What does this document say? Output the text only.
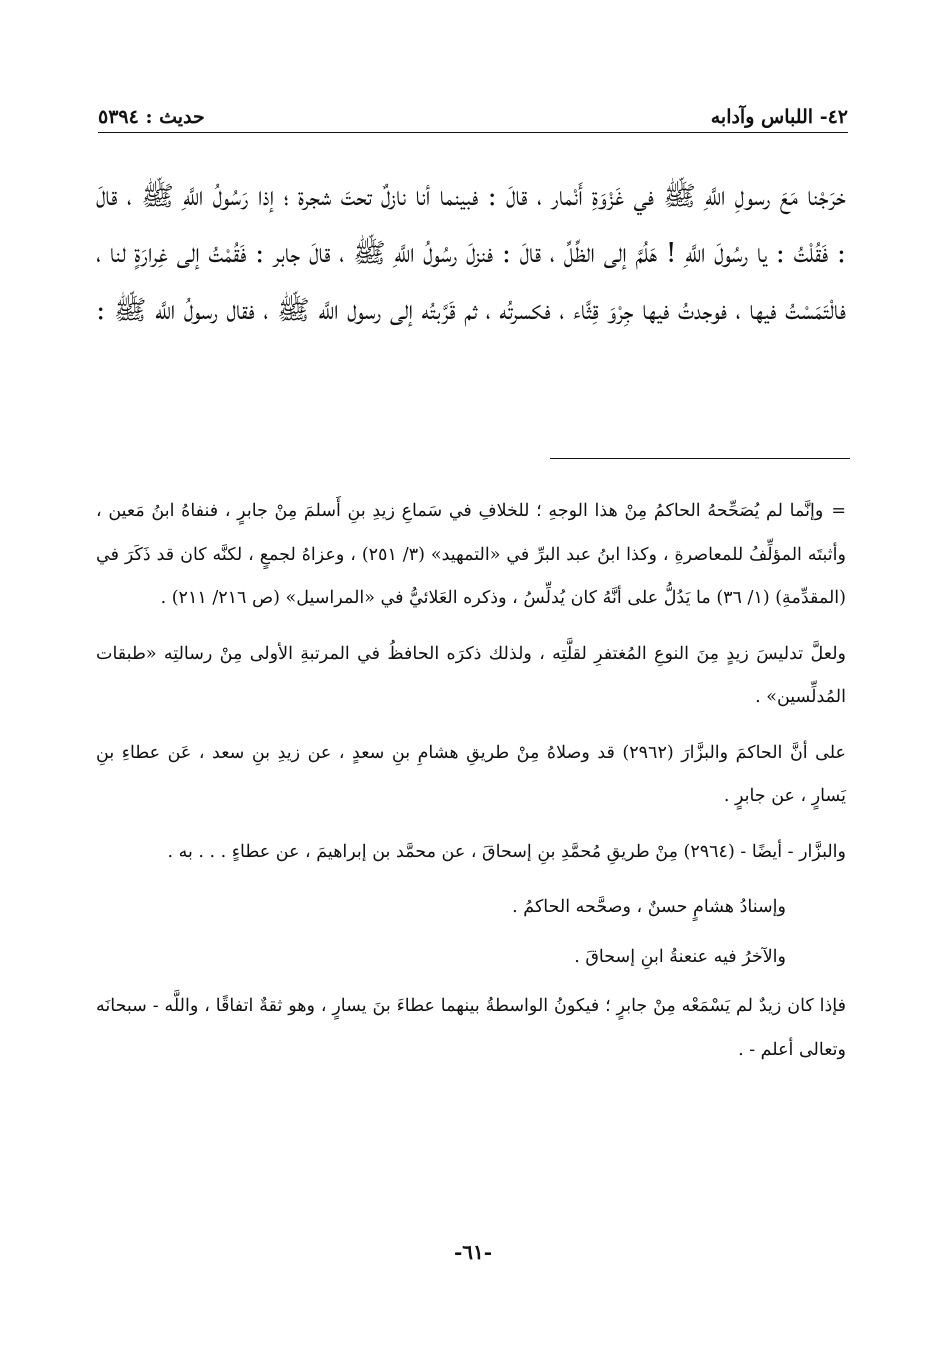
٤٢- اللباس وآدابه
حديث : ٥٣٩٤

خرَجْنا مَعَ رسولِ اللَّهِ ﷺ في غَزْوَةِ أَنْمار ، قالَ : فبينما أنا نازلٌ تحتَ شجرة ؛ إذا رَسُولُ اللَّهِ ﷺ ، قالَ : فَقُلْتُ : يا رسُولَ اللَّهِ ! هَلُمَّ إلى الظِّلِّ ، قالَ : فنزلَ رسُولُ اللَّهِ ﷺ ، قالَ جابر : فَقُمْتُ إلى غِرارَةٍ لنا ، فالْتَمَسْتُ فيها ، فوجدتُ فيها جِرْوَ قِثَّاء ، فكسرتُه ، ثم قَرَّبتُه إلى رسول اللَّه ﷺ ، فقال رسولُ اللَّه ﷺ :

=وإنَّما لم يُصَحِّحهُ الحاكمُ مِنْ هذا الوجهِ ؛ للخلافِ في سَماعِ زيدِ بنِ أَسلمَ مِنْ جابرٍ ، فنفاهُ ابنُ مَعين ، وأثبتَه المؤلِّفُ للمعاصرةِ ، وكذا ابنُ عبد البرِّ في «التمهيد» (٣/ ٢٥١) ، وعزاهُ لجمعٍ ، لكنَّه كان قد ذَكَرَ في (المقدِّمةِ) (١/ ٣٦) ما يَدُلُّ على أنَّهُ كان يُدلِّسُ ، وذكره العَلائيُّ في «المراسيل» (ص ٢١٦/ ٢١١) .

ولعلَّ تدليسَ زيدٍ مِنَ النوعِ المُغتفرِ لقلَّتِه ، ولذلك ذكرَه الحافظُ في المرتبةِ الأولى مِنْ رسالتِه «طبقات المُدلِّسين» .

على أنَّ الحاكمَ والبزَّارَ (٢٩٦٢) قد وصلاهُ مِنْ طريقِ هشامِ بنِ سعدٍ ، عن زيدِ بنِ سعد ، عَن عطاءِ بنِ يَسارٍ ، عن جابرٍ .

والبزَّار - أيضًا - (٢٩٦٤) مِنْ طريقِ مُحمَّدِ بنِ إسحاقَ ، عن محمَّد بن إبراهيمَ ، عن عطاءٍ . . . به .

وإسنادُ هشامٍ حسنٌ ، وصحَّحه الحاكمُ .

والآخرُ فيه عنعنةُ ابنِ إسحاقَ .

فإذا كان زيدٌ لم يَسْمَعْه مِنْ جابرٍ ؛ فيكونُ الواسطةُ بينهما عطاءَ بنَ يسارٍ ، وهو ثقةٌ اتفاقًا ، واللَّه - سبحانَه وتعالى أعلم - .

-٦١-
